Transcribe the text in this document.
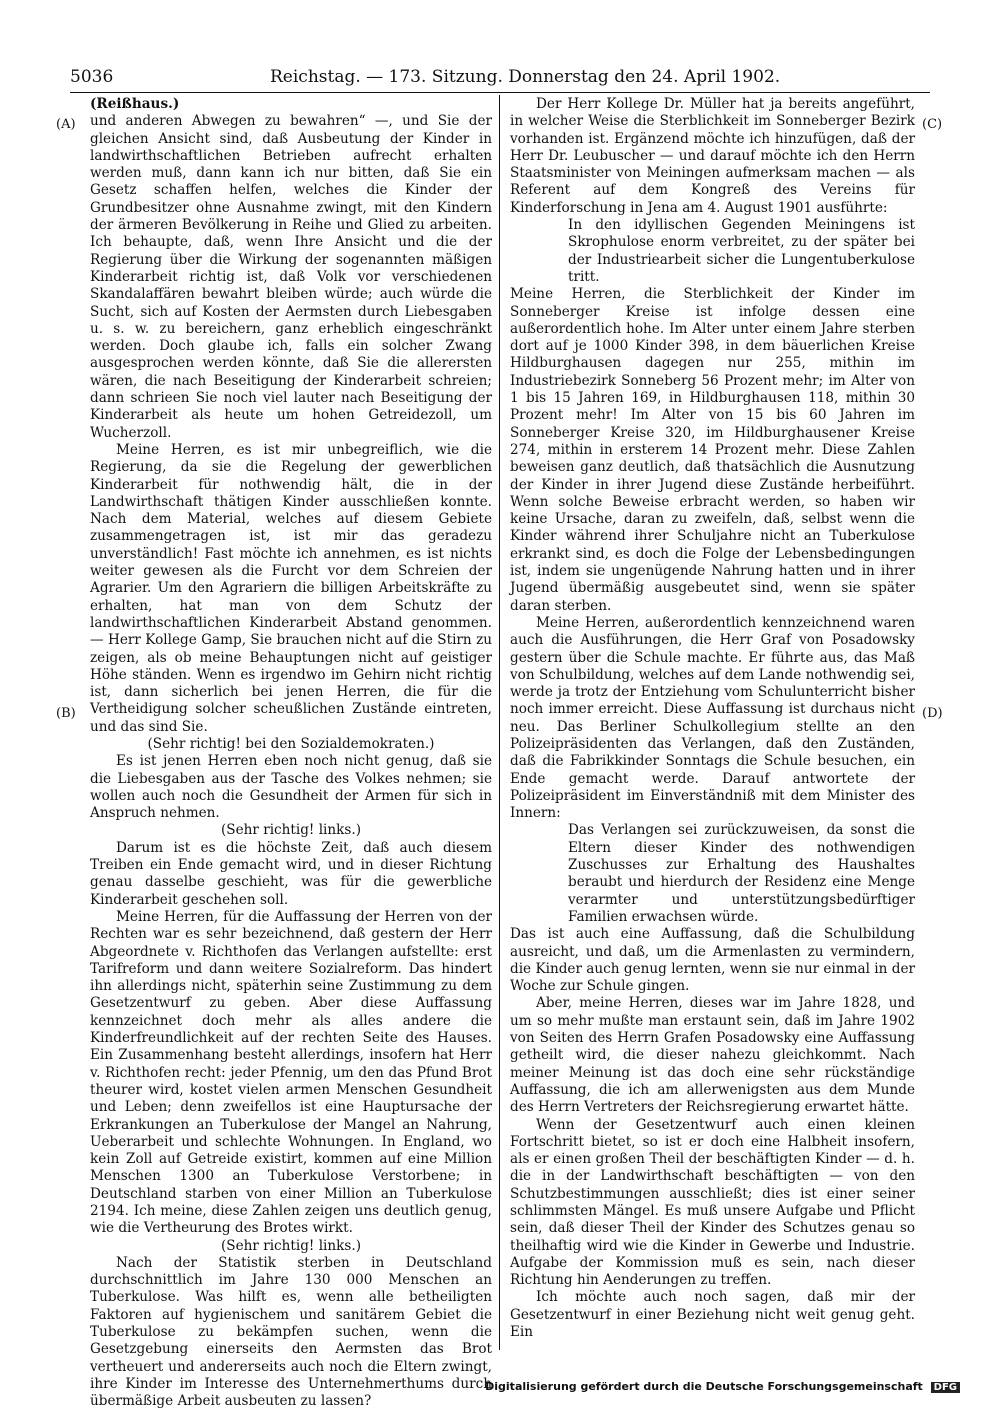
5036	Reichstag. — 173. Sitzung. Donnerstag den 24. April 1902.
(A)
(B)
(C)
(D)
(Reißhaus.)

und anderen Abwegen zu bewahren“ —, und Sie der gleichen Ansicht sind, daß Ausbeutung der Kinder in landwirthschaftlichen Betrieben aufrecht erhalten werden muß, dann kann ich nur bitten, daß Sie ein Gesetz schaffen helfen, welches die Kinder der Grundbesitzer ohne Ausnahme zwingt, mit den Kindern der ärmeren Bevölkerung in Reihe und Glied zu arbeiten. Ich behaupte, daß, wenn Ihre Ansicht und die der Regierung über die Wirkung der sogenannten mäßigen Kinderarbeit richtig ist, daß Volk vor verschiedenen Skandalaffären bewahrt bleiben würde; auch würde die Sucht, sich auf Kosten der Aermsten durch Liebesgaben u. s. w. zu bereichern, ganz erheblich eingeschränkt werden. Doch glaube ich, falls ein solcher Zwang ausgesprochen werden könnte, daß Sie die allerersten wären, die nach Beseitigung der Kinderarbeit schreien; dann schrieen Sie noch viel lauter nach Beseitigung der Kinderarbeit als heute um hohen Getreidezoll, um Wucherzoll.

Meine Herren, es ist mir unbegreiflich, wie die Regierung, da sie die Regelung der gewerblichen Kinderarbeit für nothwendig hält, die in der Landwirthschaft thätigen Kinder ausschließen konnte. Nach dem Material, welches auf diesem Gebiete zusammengetragen ist, ist mir das geradezu unverständlich! Fast möchte ich annehmen, es ist nichts weiter gewesen als die Furcht vor dem Schreien der Agrarier. Um den Agrariern die billigen Arbeitskräfte zu erhalten, hat man von dem Schutz der landwirthschaftlichen Kinderarbeit Abstand genommen. — Herr Kollege Gamp, Sie brauchen nicht auf die Stirn zu zeigen, als ob meine Behauptungen nicht auf geistiger Höhe ständen. Wenn es irgendwo im Gehirn nicht richtig ist, dann sicherlich bei jenen Herren, die für die Vertheidigung solcher scheußlichen Zustände eintreten, und das sind Sie.

(Sehr richtig! bei den Sozialdemokraten.)

Es ist jenen Herren eben noch nicht genug, daß sie die Liebesgaben aus der Tasche des Volkes nehmen; sie wollen auch noch die Gesundheit der Armen für sich in Anspruch nehmen.

(Sehr richtig! links.)

Darum ist es die höchste Zeit, daß auch diesem Treiben ein Ende gemacht wird, und in dieser Richtung genau dasselbe geschieht, was für die gewerbliche Kinderarbeit geschehen soll.

Meine Herren, für die Auffassung der Herren von der Rechten war es sehr bezeichnend, daß gestern der Herr Abgeordnete v. Richthofen das Verlangen aufstellte: erst Tarifreform und dann weitere Sozialreform. Das hindert ihn allerdings nicht, späterhin seine Zustimmung zu dem Gesetzentwurf zu geben. Aber diese Auffassung kennzeichnet doch mehr als alles andere die Kinderfreundlichkeit auf der rechten Seite des Hauses. Ein Zusammenhang besteht allerdings, insofern hat Herr v. Richthofen recht: jeder Pfennig, um den das Pfund Brot theurer wird, kostet vielen armen Menschen Gesundheit und Leben; denn zweifellos ist eine Hauptursache der Erkrankungen an Tuberkulose der Mangel an Nahrung, Ueberarbeit und schlechte Wohnungen. In England, wo kein Zoll auf Getreide existirt, kommen auf eine Million Menschen 1300 an Tuberkulose Verstorbene; in Deutschland starben von einer Million an Tuberkulose 2194. Ich meine, diese Zahlen zeigen uns deutlich genug, wie die Vertheurung des Brotes wirkt.

(Sehr richtig! links.)

Nach der Statistik sterben in Deutschland durchschnittlich im Jahre 130 000 Menschen an Tuberkulose. Was hilft es, wenn alle betheiligten Faktoren auf hygienischem und sanitärem Gebiet die Tuberkulose zu bekämpfen suchen, wenn die Gesetzgebung einerseits den Aermsten das Brot vertheuert und andererseits auch noch die Eltern zwingt, ihre Kinder im Interesse des Unternehmerthums durch übermäßige Arbeit ausbeuten zu lassen?

Der Herr Kollege Dr. Müller hat ja bereits angeführt, in welcher Weise die Sterblichkeit im Sonneberger Bezirk vorhanden ist. Ergänzend möchte ich hinzufügen, daß der Herr Dr. Leubuscher — und darauf möchte ich den Herrn Staatsminister von Meiningen aufmerksam machen — als Referent auf dem Kongreß des Vereins für Kinderforschung in Jena am 4. August 1901 ausführte:

In den idyllischen Gegenden Meiningens ist Skrophulose enorm verbreitet, zu der später bei der Industriearbeit sicher die Lungentuberkulose tritt.

Meine Herren, die Sterblichkeit der Kinder im Sonneberger Kreise ist infolge dessen eine außerordentlich hohe. Im Alter unter einem Jahre sterben dort auf je 1000 Kinder 398, in dem bäuerlichen Kreise Hildburghausen dagegen nur 255, mithin im Industriebezirk Sonneberg 56 Prozent mehr; im Alter von 1 bis 15 Jahren 169, in Hildburghausen 118, mithin 30 Prozent mehr! Im Alter von 15 bis 60 Jahren im Sonneberger Kreise 320, im Hildburghausener Kreise 274, mithin in ersterem 14 Prozent mehr. Diese Zahlen beweisen ganz deutlich, daß thatsächlich die Ausnutzung der Kinder in ihrer Jugend diese Zustände herbeiführt. Wenn solche Beweise erbracht werden, so haben wir keine Ursache, daran zu zweifeln, daß, selbst wenn die Kinder während ihrer Schuljahre nicht an Tuberkulose erkrankt sind, es doch die Folge der Lebensbedingungen ist, indem sie ungenügende Nahrung hatten und in ihrer Jugend übermäßig ausgebeutet sind, wenn sie später daran sterben.

Meine Herren, außerordentlich kennzeichnend waren auch die Ausführungen, die Herr Graf von Posadowsky gestern über die Schule machte. Er führte aus, das Maß von Schulbildung, welches auf dem Lande nothwendig sei, werde ja trotz der Entziehung vom Schulunterricht bisher noch immer erreicht. Diese Auffassung ist durchaus nicht neu. Das Berliner Schulkollegium stellte an den Polizeipräsidenten das Verlangen, daß den Zuständen, daß die Fabrikkinder Sonntags die Schule besuchen, ein Ende gemacht werde. Darauf antwortete der Polizeipräsident im Einverständniß mit dem Minister des Innern:

Das Verlangen sei zurückzuweisen, da sonst die Eltern dieser Kinder des nothwendigen Zuschusses zur Erhaltung des Haushaltes beraubt und hierdurch der Residenz eine Menge verarmter und unterstützungsbedürftiger Familien erwachsen würde.

Das ist auch eine Auffassung, daß die Schulbildung ausreicht, und daß, um die Armenlasten zu vermindern, die Kinder auch genug lernten, wenn sie nur einmal in der Woche zur Schule gingen.

Aber, meine Herren, dieses war im Jahre 1828, und um so mehr mußte man erstaunt sein, daß im Jahre 1902 von Seiten des Herrn Grafen Posadowsky eine Auffassung getheilt wird, die dieser nahezu gleichkommt. Nach meiner Meinung ist das doch eine sehr rückständige Auffassung, die ich am allerwenigsten aus dem Munde des Herrn Vertreters der Reichsregierung erwartet hätte.

Wenn der Gesetzentwurf auch einen kleinen Fortschritt bietet, so ist er doch eine Halbheit insofern, als er einen großen Theil der beschäftigten Kinder — d. h. die in der Landwirthschaft beschäftigten — von den Schutzbestimmungen ausschließt; dies ist einer seiner schlimmsten Mängel. Es muß unsere Aufgabe und Pflicht sein, daß dieser Theil der Kinder des Schutzes genau so theilhaftig wird wie die Kinder in Gewerbe und Industrie. Aufgabe der Kommission muß es sein, nach dieser Richtung hin Aenderungen zu treffen.

Ich möchte auch noch sagen, daß mir der Gesetzentwurf in einer Beziehung nicht weit genug geht. Ein

Digitalisierung gefördert durch die Deutsche Forschungsgemeinschaft DFG
